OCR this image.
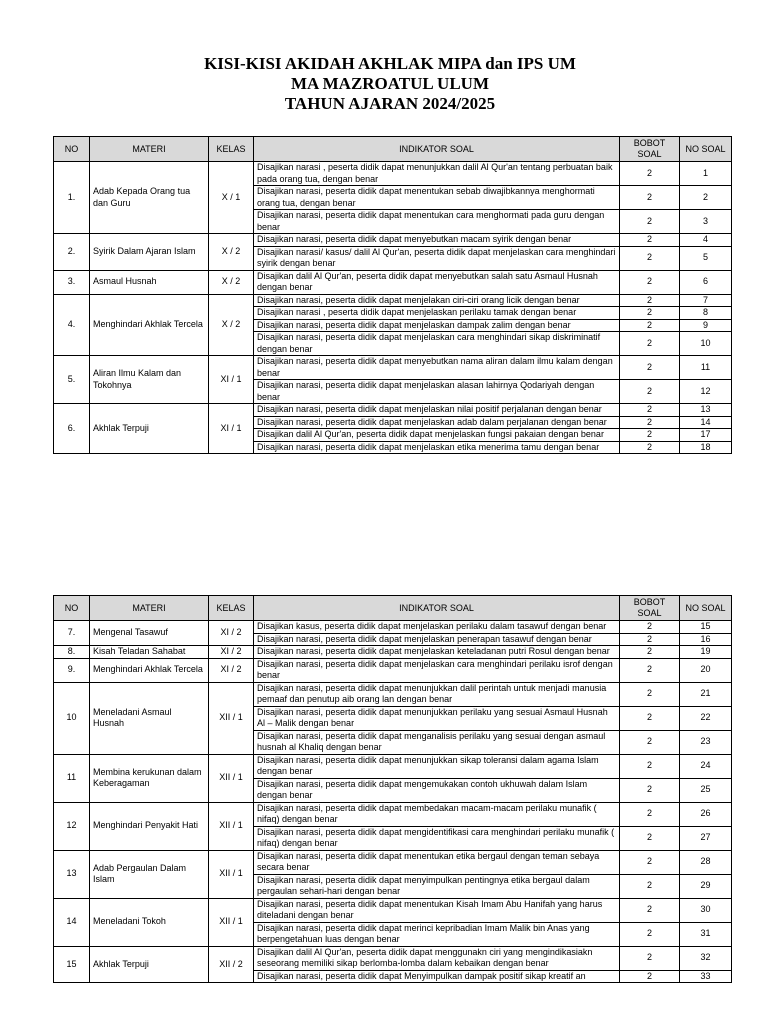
KISI-KISI AKIDAH AKHLAK MIPA dan IPS UM
MA MAZROATUL ULUM
TAHUN AJARAN 2024/2025
NO	MATERI	KELAS	INDIKATOR SOAL	BOBOT SOAL	NO SOAL
1.	Adab Kepada Orang tua dan Guru	X / 1	Disajikan narasi , peserta didik dapat menunjukkan dalil Al Qur'an tentang perbuatan baik pada orang tua, dengan benar	2	1
			Disajikan narasi, peserta didik dapat menentukan sebab diwajibkannya menghormati orang tua, dengan benar	2	2
			Disajikan narasi, peserta didik dapat menentukan cara menghormati pada guru dengan benar	2	3
2.	Syirik Dalam Ajaran Islam	X / 2	Disajikan narasi, peserta didik dapat menyebutkan macam syirik dengan benar	2	4
			Disajikan narasi/ kasus/ dalil Al Qur'an, peserta didik dapat menjelaskan cara menghindari syirik dengan benar	2	5
3.	Asmaul Husnah	X / 2	Disajikan dalil Al Qur'an, peserta didik dapat menyebutkan salah satu Asmaul Husnah dengan benar	2	6
4.	Menghindari Akhlak Tercela	X / 2	Disajikan narasi, peserta didik dapat menjelakan ciri-ciri orang licik dengan benar	2	7
			Disajikan narasi , peserta didik dapat menjelaskan perilaku tamak dengan benar	2	8
			Disajikan narasi, peserta didik dapat menjelaskan dampak zalim dengan benar	2	9
			Disajikan narasi, peserta didik dapat menjelaskan cara menghindari sikap diskriminatif dengan benar	2	10
5.	Aliran Ilmu Kalam dan Tokohnya	XI / 1	Disajikan narasi, peserta didik dapat menyebutkan nama aliran dalam ilmu kalam dengan benar	2	11
			Disajikan narasi, peserta didik dapat menjelaskan alasan lahirnya Qodariyah dengan benar	2	12
6.	Akhlak Terpuji	XI / 1	Disajikan narasi, peserta didik dapat menjelaskan nilai positif perjalanan dengan benar	2	13
			Disajikan narasi, peserta didik dapat menjelaskan adab dalam perjalanan dengan benar	2	14
			Disajikan dalil Al Qur'an, peserta didik dapat menjelaskan fungsi pakaian dengan benar	2	17
			Disajikan narasi, peserta didik dapat menjelaskan etika menerima tamu dengan benar	2	18
NO	MATERI	KELAS	INDIKATOR SOAL	BOBOT SOAL	NO SOAL
7.	Mengenal Tasawuf	XI / 2	Disajikan kasus, peserta didik dapat menjelaskan perilaku dalam tasawuf dengan benar	2	15
			Disajikan narasi, peserta didik dapat menjelaskan penerapan tasawuf dengan benar	2	16
8.	Kisah Teladan Sahabat	XI / 2	Disajikan narasi, peserta didik dapat menjelaskan keteladanan putri Rosul dengan benar	2	19
9.	Menghindari Akhlak Tercela	XI / 2	Disajikan narasi, peserta didik dapat menjelaskan cara menghindari perilaku isrof dengan benar	2	20
10	Meneladani Asmaul Husnah	XII / 1	Disajikan narasi, peserta didik dapat menunjukkan dalil perintah untuk menjadi manusia pemaaf dan penutup aib orang lan dengan benar	2	21
			Disajikan narasi, peserta didik dapat menunjukkan perilaku yang sesuai Asmaul Husnah Al – Malik dengan benar	2	22
			Disajikan narasi, peserta didik dapat menganalisis perilaku yang sesuai dengan asmaul husnah al Khaliq dengan benar	2	23
11	Membina kerukunan dalam Keberagaman	XII / 1	Disajikan narasi, peserta didik dapat menunjukkan sikap toleransi dalam agama Islam dengan benar	2	24
			Disajikan narasi, peserta didik dapat mengemukakan contoh ukhuwah dalam Islam dengan benar	2	25
12	Menghindari Penyakit Hati	XII / 1	Disajikan narasi, peserta didik dapat membedakan macam-macam perilaku munafik ( nifaq) dengan benar	2	26
			Disajikan narasi, peserta didik dapat mengidentifikasi cara menghindari perilaku munafik ( nifaq) dengan benar	2	27
13	Adab Pergaulan Dalam Islam	XII / 1	Disajikan narasi, peserta didik dapat menentukan etika bergaul dengan teman sebaya secara benar	2	28
			Disajikan narasi, peserta didik dapat menyimpulkan pentingnya etika bergaul dalam pergaulan sehari-hari dengan benar	2	29
14	Meneladani Tokoh	XII / 1	Disajikan narasi, peserta didik dapat menentukan Kisah Imam Abu Hanifah yang harus diteladani dengan benar	2	30
			Disajikan narasi, peserta didik dapat merinci kepribadian Imam Malik bin Anas yang berpengetahuan luas dengan benar	2	31
15	Akhlak Terpuji	XII / 2	Disajikan dalil Al Qur'an, peserta didik dapat menggunakn ciri yang mengindikasiakn seseorang memiliki sikap berlomba-lomba dalam kebaikan dengan benar	2	32
			Disajikan narasi, peserta didik dapat Menyimpulkan dampak positif sikap kreatif an	2	33
